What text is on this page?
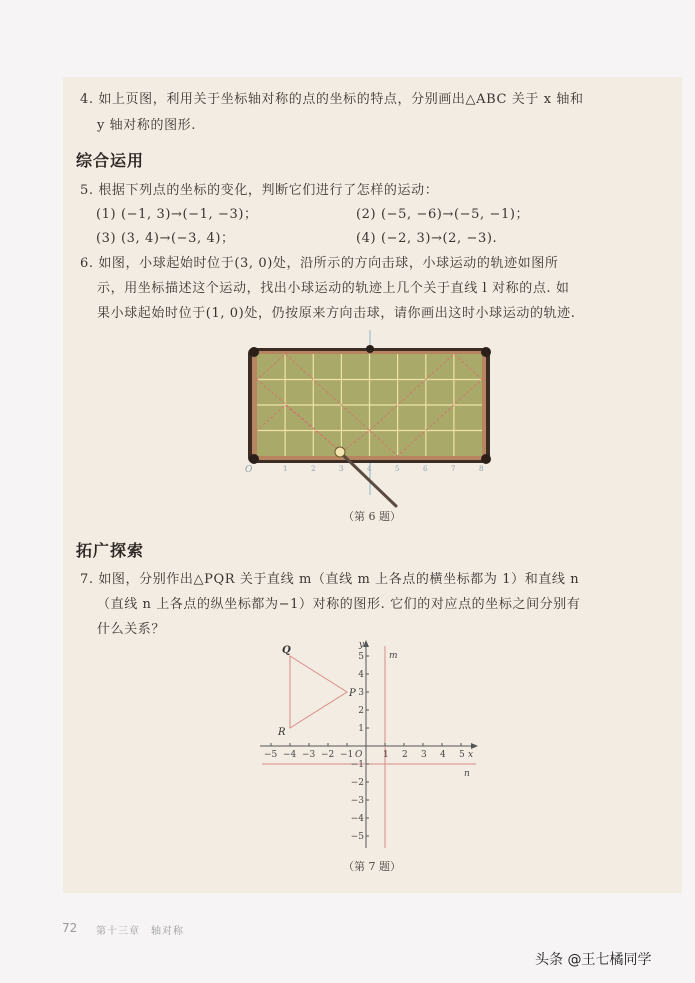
4. 如上页图，利用关于坐标轴对称的点的坐标的特点，分别画出△ABC 关于 x 轴和
y 轴对称的图形.
综合运用
5. 根据下列点的坐标的变化，判断它们进行了怎样的运动：
(1) (−1, 3)→(−1, −3)；	(2) (−5, −6)→(−5, −1)；
(3) (3, 4)→(−3, 4)；	(4) (−2, 3)→(2, −3).
6. 如图，小球起始时位于(3, 0)处，沿所示的方向击球，小球运动的轨迹如图所
示，用坐标描述这个运动，找出小球运动的轨迹上几个关于直线 l 对称的点. 如
果小球起始时位于(1, 0)处，仍按原来方向击球，请你画出这时小球运动的轨迹.
O	1	2	3	4	5	6	7	8
（第 6 题）
拓广探索
7. 如图，分别作出△PQR 关于直线 m（直线 m 上各点的横坐标都为 1）和直线 n
（直线 n 上各点的纵坐标都为−1）对称的图形. 它们的对应点的坐标之间分别有
什么关系？
m
n
Q
P
R
−5 −4 −3 −2 −1	1 2 3 4 5 x
O
5
4
3
2
1
−1
−2
−3
−4
−5
y
（第 7 题）
72 第十三章　轴对称
头条 @王七橘同学
